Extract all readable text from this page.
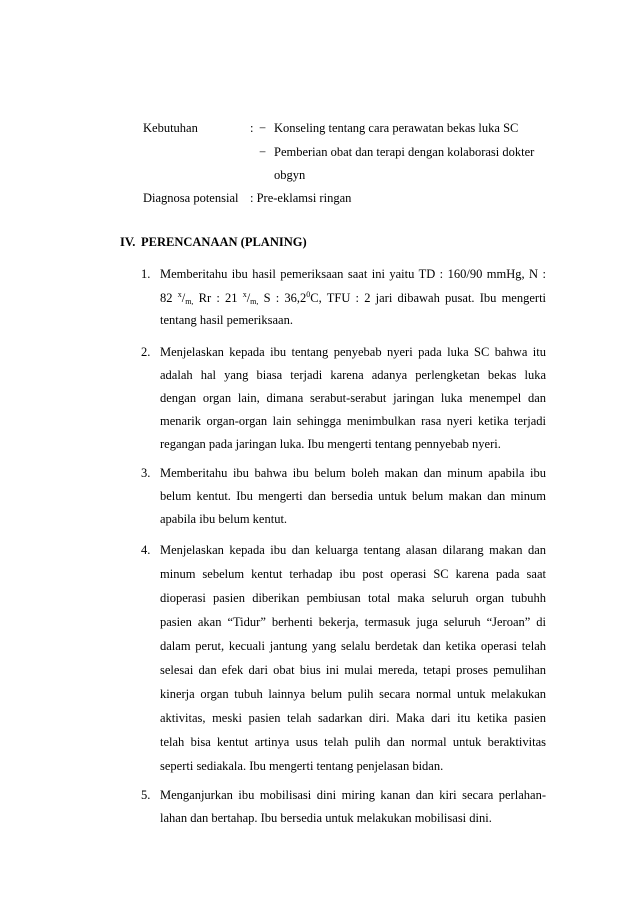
Kebutuhan	: − Konseling tentang cara perawatan bekas luka SC
− Pemberian obat dan terapi dengan kolaborasi dokter
obgyn
Diagnosa potensial : Pre-eklamsi ringan
IV. PERENCANAAN (PLANING)
1. Memberitahu ibu hasil pemeriksaan saat ini yaitu TD : 160/90 mmHg, N :
82 $^x/_{m,}$ Rr : 21 $^x/_{m,}$ S : 36,2$^0$C, TFU : 2 jari dibawah pusat. Ibu mengerti
tentang hasil pemeriksaan.
2. Menjelaskan kepada ibu tentang penyebab nyeri pada luka SC bahwa itu
adalah hal yang biasa terjadi karena adanya perlengketan bekas luka
dengan organ lain, dimana serabut-serabut jaringan luka menempel dan
menarik organ-organ lain sehingga menimbulkan rasa nyeri ketika terjadi
regangan pada jaringan luka. Ibu mengerti tentang pennyebab nyeri.
3. Memberitahu ibu bahwa ibu belum boleh makan dan minum apabila ibu
belum kentut. Ibu mengerti dan bersedia untuk belum makan dan minum
apabila ibu belum kentut.
4. Menjelaskan kepada ibu dan keluarga tentang alasan dilarang makan dan
minum sebelum kentut terhadap ibu post operasi SC karena pada saat
dioperasi pasien diberikan pembiusan total maka seluruh organ tubuhh
pasien akan “Tidur” berhenti bekerja, termasuk juga seluruh “Jeroan” di
dalam perut, kecuali jantung yang selalu berdetak dan ketika operasi telah
selesai dan efek dari obat bius ini mulai mereda, tetapi proses pemulihan
kinerja organ tubuh lainnya belum pulih secara normal untuk melakukan
aktivitas, meski pasien telah sadarkan diri. Maka dari itu ketika pasien
telah bisa kentut artinya usus telah pulih dan normal untuk beraktivitas
seperti sediakala. Ibu mengerti tentang penjelasan bidan.
5. Menganjurkan ibu mobilisasi dini miring kanan dan kiri secara perlahan-
lahan dan bertahap. Ibu bersedia untuk melakukan mobilisasi dini.
